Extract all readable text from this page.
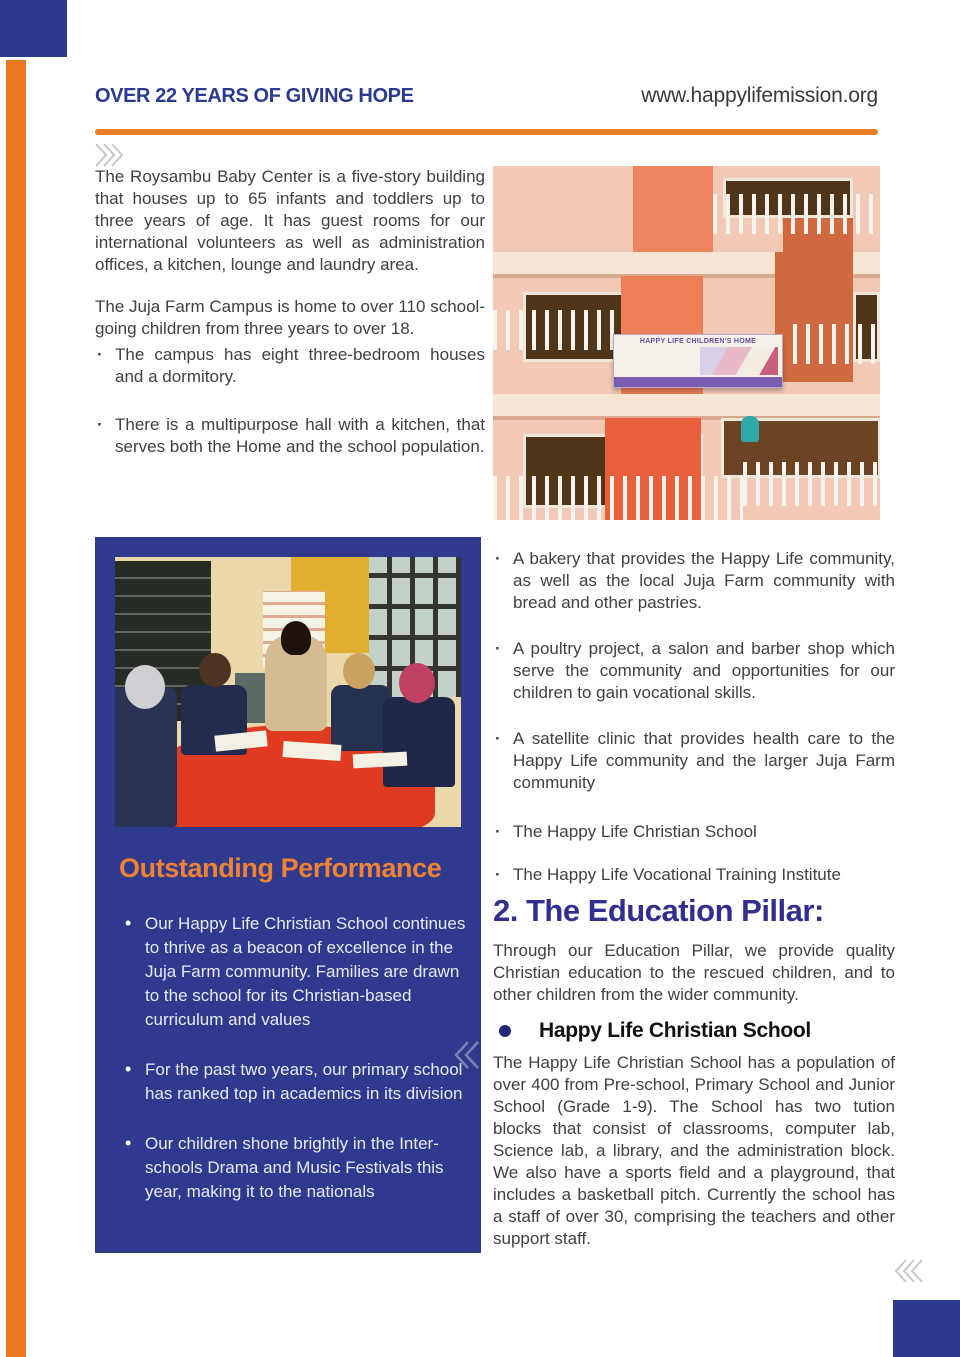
OVER 22 YEARS OF GIVING HOPE	www.happylifemission.org

The Roysambu Baby Center is a five-story building that houses up to 65 infants and toddlers up to three years of age. It has guest rooms for our international volunteers as well as administration offices, a kitchen, lounge and laundry area.

The Juja Farm Campus is home to over 110 school-going children from three years to over 18.

· The campus has eight three-bedroom houses and a dormitory.
· There is a multipurpose hall with a kitchen, that serves both the Home and the school population.
HAPPY LIFE CHILDREN'S HOME
Outstanding Performance
• Our Happy Life Christian School continues to thrive as a beacon of excellence in the Juja Farm community. Families are drawn to the school for its Christian-based curriculum and values
• For the past two years, our primary school has ranked top in academics in its division
• Our children shone brightly in the Inter-schools Drama and Music Festivals this year, making it to the nationals
· A bakery that provides the Happy Life community, as well as the local Juja Farm community with bread and other pastries.
· A poultry project, a salon and barber shop which serve the community and opportunities for our children to gain vocational skills.
· A satellite clinic that provides health care to the Happy Life community and the larger Juja Farm community
· The Happy Life Christian School
· The Happy Life Vocational Training Institute
2. The Education Pillar:
Through our Education Pillar, we provide quality Christian education to the rescued children, and to other children from the wider community.
Happy Life Christian School
The Happy Life Christian School has a population of over 400 from Pre-school, Primary School and Junior School (Grade 1-9). The School has two tution blocks that consist of classrooms, computer lab, Science lab, a library, and the administration block. We also have a sports field and a playground, that includes a basketball pitch. Currently the school has a staff of over 30, comprising the teachers and other support staff.
